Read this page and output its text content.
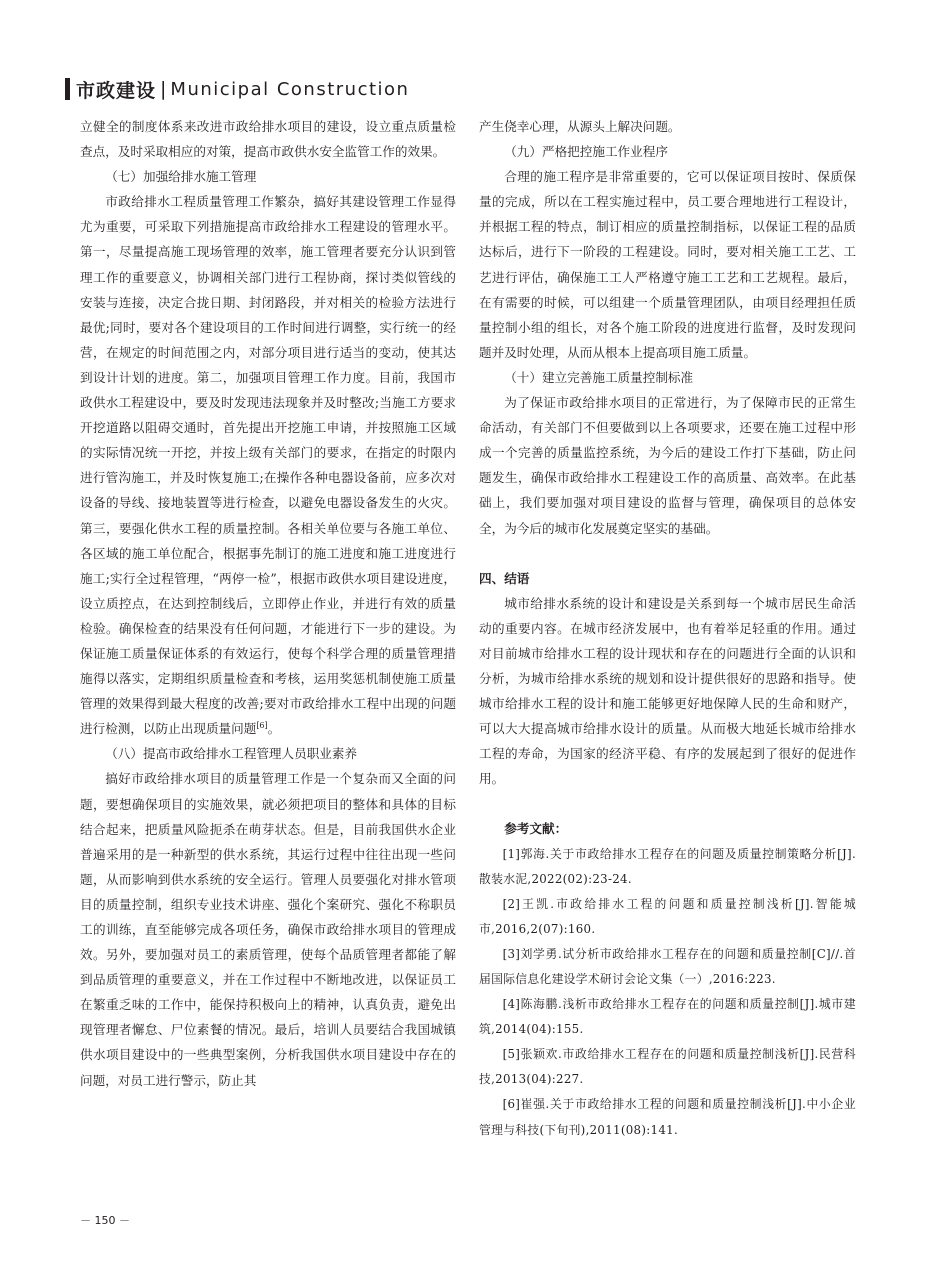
市政建设 | Municipal Construction

立健全的制度体系来改进市政给排水项目的建设，设立重点质量检查点，及时采取相应的对策，提高市政供水安全监管工作的效果。

（七）加强给排水施工管理

市政给排水工程质量管理工作繁杂，搞好其建设管理工作显得尤为重要，可采取下列措施提高市政给排水工程建设的管理水平。第一，尽量提高施工现场管理的效率，施工管理者要充分认识到管理工作的重要意义，协调相关部门进行工程协商，探讨类似管线的安装与连接，决定合拢日期、封闭路段，并对相关的检验方法进行最优;同时，要对各个建设项目的工作时间进行调整，实行统一的经营，在规定的时间范围之内，对部分项目进行适当的变动，使其达到设计计划的进度。第二，加强项目管理工作力度。目前，我国市政供水工程建设中，要及时发现违法现象并及时整改;当施工方要求开挖道路以阻碍交通时，首先提出开挖施工申请，并按照施工区域的实际情况统一开挖，并按上级有关部门的要求，在指定的时限内进行管沟施工，并及时恢复施工;在操作各种电器设备前，应多次对设备的导线、接地装置等进行检查，以避免电器设备发生的火灾。第三，要强化供水工程的质量控制。各相关单位要与各施工单位、各区域的施工单位配合，根据事先制订的施工进度和施工进度进行施工;实行全过程管理，“两停一检”，根据市政供水项目建设进度，设立质控点，在达到控制线后，立即停止作业，并进行有效的质量检验。确保检查的结果没有任何问题，才能进行下一步的建设。为保证施工质量保证体系的有效运行，使每个科学合理的质量管理措施得以落实，定期组织质量检查和考核，运用奖惩机制使施工质量管理的效果得到最大程度的改善;要对市政给排水工程中出现的问题进行检测，以防止出现质量问题[6]。

（八）提高市政给排水工程管理人员职业素养

搞好市政给排水项目的质量管理工作是一个复杂而又全面的问题，要想确保项目的实施效果，就必须把项目的整体和具体的目标结合起来，把质量风险扼杀在萌芽状态。但是，目前我国供水企业普遍采用的是一种新型的供水系统，其运行过程中往往出现一些问题，从而影响到供水系统的安全运行。管理人员要强化对排水管项目的质量控制，组织专业技术讲座、强化个案研究、强化不称职员工的训练，直至能够完成各项任务，确保市政给排水项目的管理成效。另外，要加强对员工的素质管理，使每个品质管理者都能了解到品质管理的重要意义，并在工作过程中不断地改进，以保证员工在繁重乏味的工作中，能保持积极向上的精神，认真负责，避免出现管理者懈怠、尸位素餐的情况。最后，培训人员要结合我国城镇供水项目建设中的一些典型案例，分析我国供水项目建设中存在的问题，对员工进行警示，防止其

产生侥幸心理，从源头上解决问题。

（九）严格把控施工作业程序

合理的施工程序是非常重要的，它可以保证项目按时、保质保量的完成，所以在工程实施过程中，员工要合理地进行工程设计，并根据工程的特点，制订相应的质量控制指标，以保证工程的品质达标后，进行下一阶段的工程建设。同时，要对相关施工工艺、工艺进行评估，确保施工工人严格遵守施工工艺和工艺规程。最后，在有需要的时候，可以组建一个质量管理团队，由项目经理担任质量控制小组的组长，对各个施工阶段的进度进行监督，及时发现问题并及时处理，从而从根本上提高项目施工质量。

（十）建立完善施工质量控制标准

为了保证市政给排水项目的正常进行，为了保障市民的正常生命活动，有关部门不但要做到以上各项要求，还要在施工过程中形成一个完善的质量监控系统，为今后的建设工作打下基础，防止问题发生，确保市政给排水工程建设工作的高质量、高效率。在此基础上，我们要加强对项目建设的监督与管理，确保项目的总体安全，为今后的城市化发展奠定坚实的基础。

四、结语

城市给排水系统的设计和建设是关系到每一个城市居民生命活动的重要内容。在城市经济发展中，也有着举足轻重的作用。通过对目前城市给排水工程的设计现状和存在的问题进行全面的认识和分析，为城市给排水系统的规划和设计提供很好的思路和指导。使城市给排水工程的设计和施工能够更好地保障人民的生命和财产，可以大大提高城市给排水设计的质量。从而极大地延长城市给排水工程的寿命，为国家的经济平稳、有序的发展起到了很好的促进作用。

参考文献：

[1]郭海.关于市政给排水工程存在的问题及质量控制策略分析[J].散装水泥,2022(02):23-24.

[2]王凯.市政给排水工程的问题和质量控制浅析[J].智能城市,2016,2(07):160.

[3]刘学勇.试分析市政给排水工程存在的问题和质量控制[C]//.首届国际信息化建设学术研讨会论文集（一）,2016:223.

[4]陈海鹏.浅析市政给排水工程存在的问题和质量控制[J].城市建筑,2014(04):155.

[5]张颖欢.市政给排水工程存在的问题和质量控制浅析[J].民营科技,2013(04):227.

[6]崔强.关于市政给排水工程的问题和质量控制浅析[J].中小企业管理与科技(下旬刊),2011(08):141.

－ 150 －
